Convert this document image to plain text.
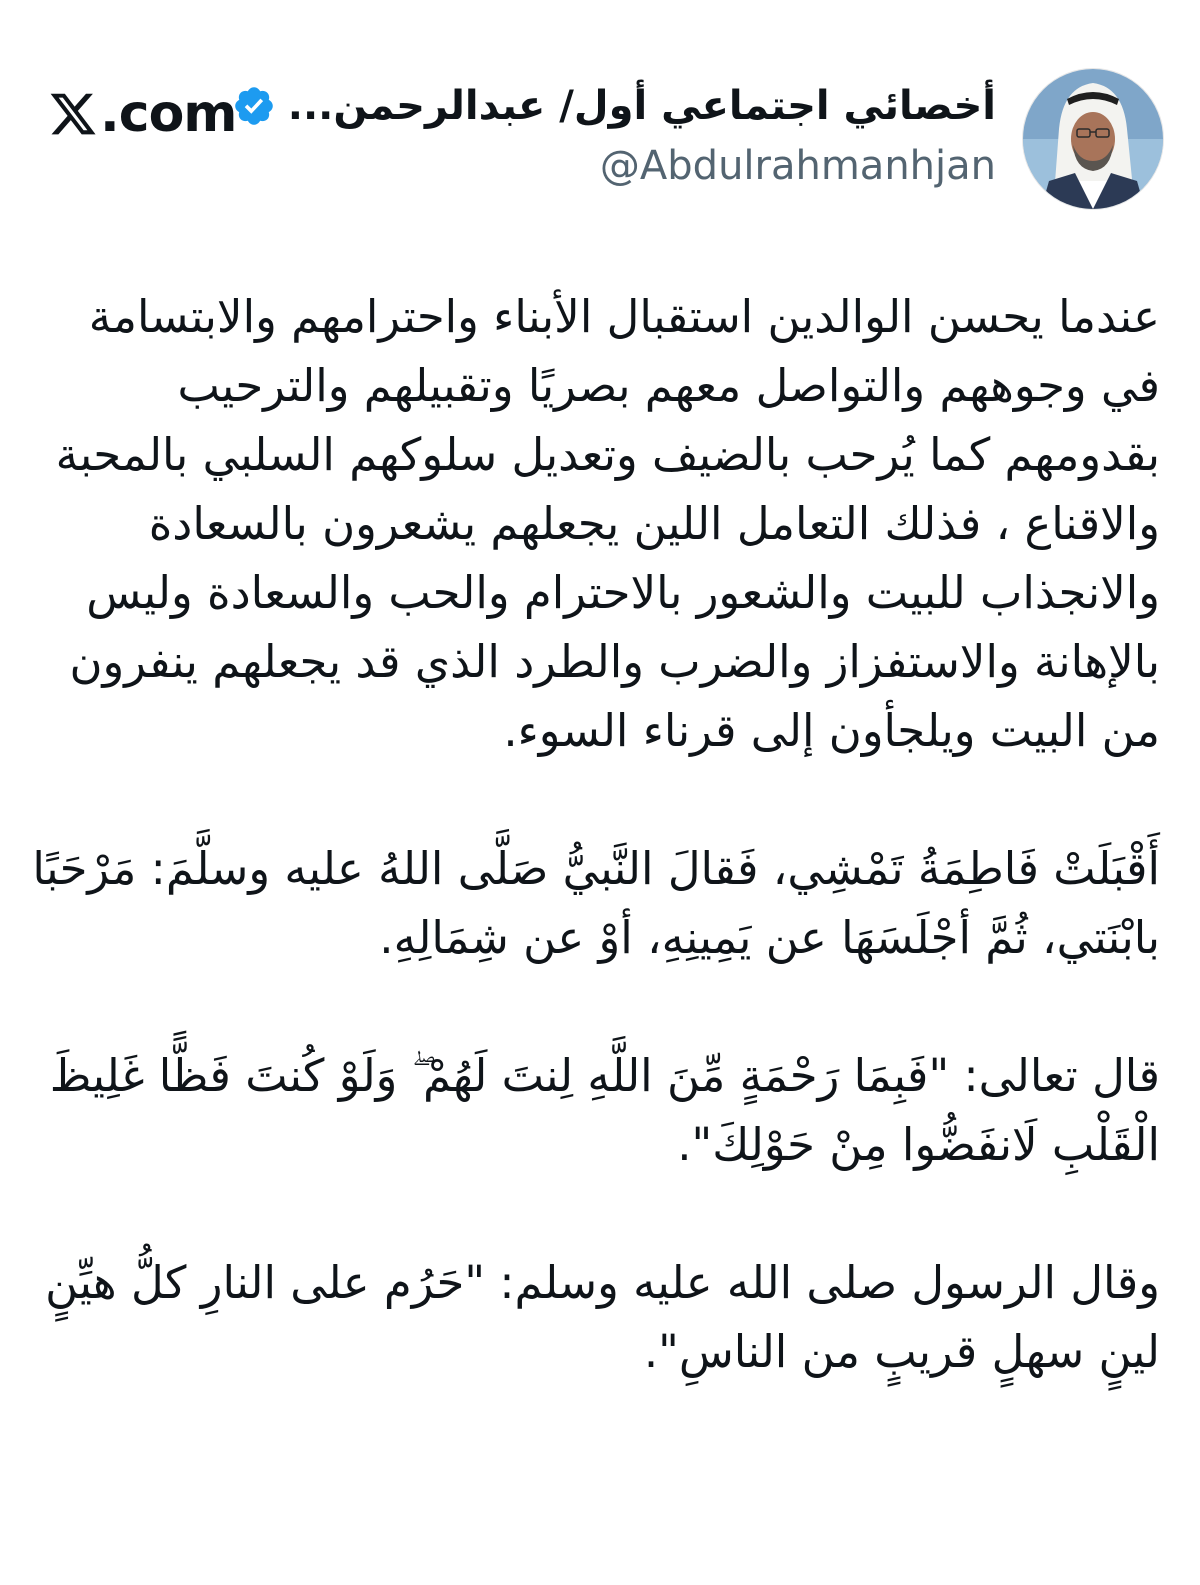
أخصائي اجتماعي أول/ عبدالرحمن...
@Abdulrahmanhjan
.com

عندما يحسن الوالدين استقبال الأبناء واحترامهم والابتسامة في وجوههم والتواصل معهم بصريًا وتقبيلهم والترحيب بقدومهم كما يُرحب بالضيف وتعديل سلوكهم السلبي بالمحبة والاقناع ، فذلك التعامل اللين يجعلهم يشعرون بالسعادة والانجذاب للبيت والشعور بالاحترام والحب والسعادة وليس بالإهانة والاستفزاز والضرب والطرد الذي قد يجعلهم ينفرون من البيت ويلجأون إلى قرناء السوء.

أَقْبَلَتْ فَاطِمَةُ تَمْشِي، فَقالَ النَّبيُّ صَلَّى اللهُ عليه وسلَّمَ: مَرْحَبًا بابْنَتي، ثُمَّ أجْلَسَهَا عن يَمِينِهِ، أوْ عن شِمَالِهِ.

قال تعالى: "فَبِمَا رَحْمَةٍ مِّنَ اللَّهِ لِنتَ لَهُمْ ۖ وَلَوْ كُنتَ فَظًّا غَلِيظَ الْقَلْبِ لَانفَضُّوا مِنْ حَوْلِكَ".

وقال الرسول صلى الله عليه وسلم: "حَرُم على النارِ كلُّ هيِّنٍ لينٍ سهلٍ قريبٍ من الناسِ".
